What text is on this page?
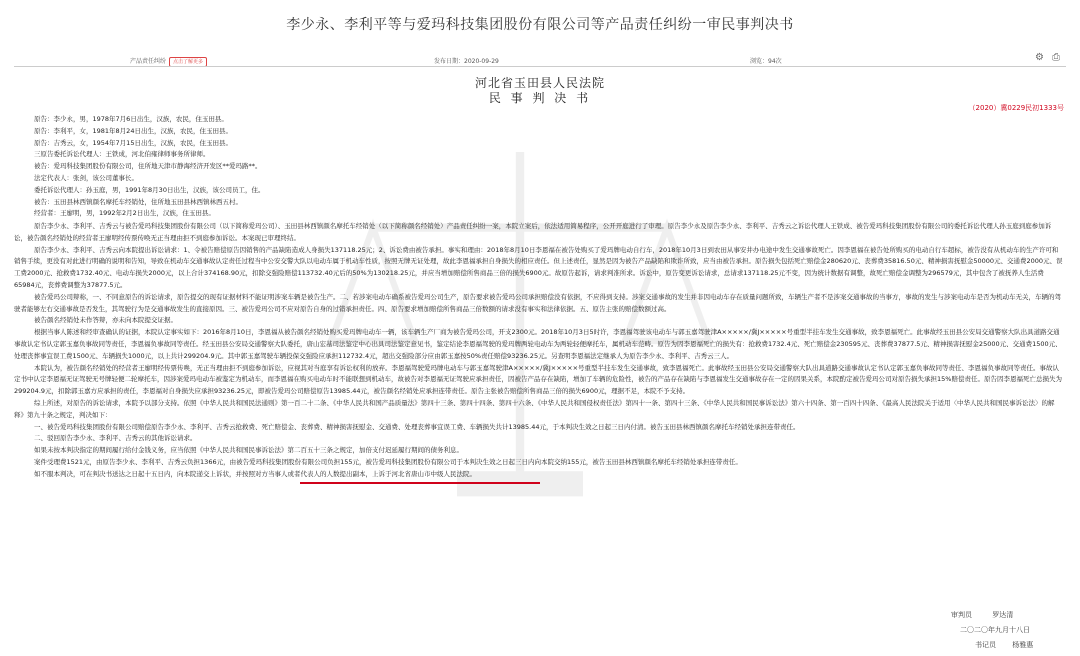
李少永、李利平等与爱玛科技集团股份有限公司等产品责任纠纷一审民事判决书
产品责任纠纷 点击了解更多	发布日期：2020-09-29	浏览：94次	⚙ ⎙
河北省玉田县人民法院
民 事 判 决 书
（2020）冀0229民初1333号

原告：李少永，男，1978年7月6日出生，汉族，农民，住玉田县。

原告：李利平，女，1981年8月24日出生，汉族，农民，住玉田县。

原告：吉秀云，女，1954年7月15日出生，汉族，农民，住玉田县。

三原告委托诉讼代理人：王铁成，河北伯雍律师事务所律师。

被告：爱玛科技集团股份有限公司，住所地天津市静海经济开发区**爱玛路**。

法定代表人：张剑，该公司董事长。

委托诉讼代理人：孙玉庭，男，1991年8月30日出生，汉族，该公司员工，住。

被告：玉田县林西镇颜名摩托车经销处，住所地玉田县林西镇林西五村。

经营者：王廖明，男，1992年2月2日出生，汉族，住玉田县。

原告李少永、李利平、吉秀云与被告爱玛科技集团股份有限公司（以下简称爱玛公司）、玉田县林西镇颜名摩托车经销处（以下简称颜名经销处）产品责任纠纷一案，本院立案后，依法适用简易程序，公开开庭进行了审理。原告李少永及原告李少永、李利平、吉秀云之诉讼代理人王铁成、被告爱玛科技集团股份有限公司的委托诉讼代理人孙玉庭到庭参加诉讼，被告颜名经销处的经营者王廖明经传票传唤无正当理由拒不到庭参加诉讼。本案现已审理终结。

原告李少永、李利平、吉秀云向本院提出诉讼请求：1、令被告赔偿原告因销售的产品缺陷造成人身损失137118.25元；2、诉讼费由被告承担。事实和理由：2018年8月10日李恩福在被告处购买了爱玛牌电动自行车，2018年10月3日到农田从事安井办电途中发生交通事故死亡。因李恩福在被告处所购买的电动自行车超标，被告没有从机动车的生产许可和销售手续，更没有对此进行明确的说明和告知，导致在机动车交通事故认定责任过程当中公安交警大队以电动车属于机动车性质，按照无牌无证处理，故此李恩福承担自身损失的相应责任。但上述责任，显然是因为被告产品缺陷和欺诈所致，应当由被告承担。原告损失包括死亡赔偿金280620元、丧葬费35816.50元、精神损害抚慰金50000元、交通费2000元、误工费2000元、抢救费1732.40元、电动车损失2000元，以上合计374168.90元，扣除交强险赔偿113732.40元后的50%为130218.25元，并应当增加赔偿所售商品三倍的损失6900元。故原告起诉，请求判准所求。诉讼中，原告变更诉讼请求，总请求137118.25元不变，因为统计数据有调整，故死亡赔偿金调整为296579元，其中包含了被抚养人生活费65984元，丧葬费调整为37877.5元。

被告爱玛公司辩称，一、不同意原告的诉讼请求，原告提交的现有证据材料不能证明涉案车辆是被告生产。二、若涉案电动车确系被告爱玛公司生产，原告要求被告爱玛公司承担赔偿没有依据，不应得到支持。涉案交通事故的发生并非因电动车存在质量问题所致，车辆生产者不是涉案交通事故的当事方，事故的发生与涉案电动车是否为机动车无关，车辆的驾驶者能够左右交通事故是否发生，其驾驶行为是交通事故发生的直接原因。三、被告爱玛公司不应对原告自身的过错承担责任。四、原告要求增加赔偿所售商品三倍数额的请求没有事实和法律依据。五、原告主张的赔偿数额过高。

被告颜名经销处未作答辩，亦未向本院提交证据。

根据当事人陈述和经审查确认的证据，本院认定事实如下：2016年8月10日，李恩福从被告颜名经销处购买爱玛牌电动车一辆，该车辆生产厂商为被告爱玛公司，开支2300元。2018年10月3日5时许，李恩福驾驶该电动车与郭玉嘉驾驶津A×××××/冀J×××××号重型半挂车发生交通事故，致李恩福死亡。此事故经玉田县公安局交通警察大队出具道路交通事故认定书认定郭玉嘉负事故同等责任，李恩福负事故同等责任。经玉田县公安局交通警察大队委托，唐山宏基司法鉴定中心出具司法鉴定意见书，鉴定结论李恩福驾驶的爱玛牌两轮电动车为两轮轻便摩托车，属机动车范畴。原告为因李恩福死亡的损失有：抢救费1732.4元、死亡赔偿金230595元、丧葬费37877.5元、精神损害抚慰金25000元、交通费1500元、处理丧葬事宜误工费1500元、车辆损失1000元，以上共计299204.9元。其中郭玉嘉驾驶车辆投保交强险应承担112732.4元，超出交强险部分应由郭玉嘉按50%责任赔偿93236.25元。另查明李恩福法定继承人为原告李少永、李利平、吉秀云三人。

本院认为，被告颜名经销处的经营者王廖明经传票传唤，无正当理由拒不到庭参加诉讼，应视其对当庭享有诉讼权利的放弃。李恩福驾驶爱玛牌电动车与郭玉嘉驾驶津A×××××/冀J×××××号重型半挂车发生交通事故，致李恩福死亡。此事故经玉田县公安局交通警察大队出具道路交通事故认定书认定郭玉嘉负事故同等责任、李恩福负事故同等责任。事故认定书中认定李恩福无证驾驶无号牌轻便二轮摩托车，因涉案爱玛电动车被鉴定为机动车，而李恩福在购买电动车时不能联想到机动车，故被告对李恩福无证驾驶应承担责任，因被告产品存在缺陷，增加了车辆的危险性，被告的产品存在缺陷与李恩福发生交通事故存在一定的因果关系，本院酌定被告爱玛公司对原告损失承担15%赔偿责任。原告因李恩福死亡总损失为299204.9元，扣除郭玉嘉方应承担的责任，李恩福对自身损失应承担93236.25元，即被告爱玛公司赔偿原告13985.44元，被告颜名经销处应承担连带责任。原告主张被告赔偿所售商品三倍的损失6900元，理据不足，本院不予支持。

综上所述，对原告的诉讼请求，本院予以部分支持。依照《中华人民共和国民法通则》第一百二十二条、《中华人民共和国产品质量法》第四十三条、第四十四条、第四十六条、《中华人民共和国侵权责任法》第四十一条、第四十三条、《中华人民共和国民事诉讼法》第六十四条、第一百四十四条、《最高人民法院关于适用〈中华人民共和国民事诉讼法〉的解释》第九十条之规定，判决如下：

一、被告爱玛科技集团股份有限公司赔偿原告李少永、李利平、吉秀云抢救费、死亡赔偿金、丧葬费、精神损害抚慰金、交通费、处理丧葬事宜误工费、车辆损失共计13985.44元，于本判决生效之日起三日内付清。被告玉田县林西镇颜名摩托车经销处承担连带责任。

二、驳回原告李少永、李利平、吉秀云的其他诉讼请求。

如果未按本判决指定的期间履行给付金钱义务，应当依照《中华人民共和国民事诉讼法》第二百五十三条之规定，加倍支付迟延履行期间的债务利息。

案件受理费1521元，由原告李少永、李利平、吉秀云负担1366元，由被告爱玛科技集团股份有限公司负担155元，被告爱玛科技集团股份有限公司于本判决生效之日起三日内向本院交纳155元，被告玉田县林西镇颜名摩托车经销处承担连带责任。

如不服本判决，可在判决书送达之日起十五日内，向本院递交上诉状，并按照对方当事人或者代表人的人数提出副本，上诉于河北省唐山市中级人民法院。

审判员	罗达清
二〇二〇年九月十八日
书记员 杨雅惠
